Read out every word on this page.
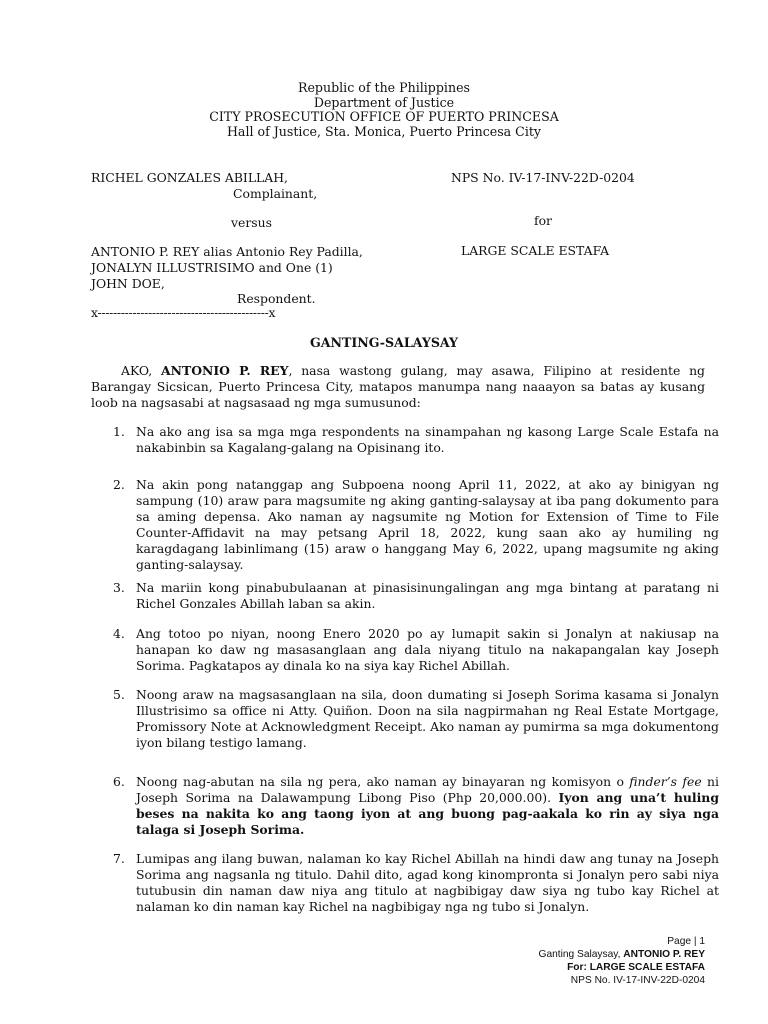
Republic of the Philippines
Department of Justice
CITY PROSECUTION OFFICE OF PUERTO PRINCESA
Hall of Justice, Sta. Monica, Puerto Princesa City
RICHEL GONZALES ABILLAH,
Complainant,
versus
ANTONIO P. REY alias Antonio Rey Padilla,
JONALYN ILLUSTRISIMO and One (1)
JOHN DOE,
Respondent.
x--------------------------------------------x
NPS No. IV-17-INV-22D-0204
for
LARGE SCALE ESTAFA
GANTING-SALAYSAY
AKO, ANTONIO P. REY, nasa wastong gulang, may asawa, Filipino at residente ng Barangay Sicsican, Puerto Princesa City, matapos manumpa nang naaayon sa batas ay kusang loob na nagsasabi at nagsasaad ng mga sumusunod:
1. Na ako ang isa sa mga mga respondents na sinampahan ng kasong Large Scale Estafa na nakabinbin sa Kagalang-galang na Opisinang ito.
2. Na akin pong natanggap ang Subpoena noong April 11, 2022, at ako ay binigyan ng sampung (10) araw para magsumite ng aking ganting-salaysay at iba pang dokumento para sa aming depensa. Ako naman ay nagsumite ng Motion for Extension of Time to File Counter-Affidavit na may petsang April 18, 2022, kung saan ako ay humiling ng karagdagang labinlimang (15) araw o hanggang May 6, 2022, upang magsumite ng aking ganting-salaysay.
3. Na mariin kong pinabubulaanan at pinasisinungalingan ang mga bintang at paratang ni Richel Gonzales Abillah laban sa akin.
4. Ang totoo po niyan, noong Enero 2020 po ay lumapit sakin si Jonalyn at nakiusap na hanapan ko daw ng masasanglaan ang dala niyang titulo na nakapangalan kay Joseph Sorima. Pagkatapos ay dinala ko na siya kay Richel Abillah.
5. Noong araw na magsasanglaan na sila, doon dumating si Joseph Sorima kasama si Jonalyn Illustrisimo sa office ni Atty. Quiñon. Doon na sila nagpirmahan ng Real Estate Mortgage, Promissory Note at Acknowledgment Receipt. Ako naman ay pumirma sa mga dokumentong iyon bilang testigo lamang.
6. Noong nag-abutan na sila ng pera, ako naman ay binayaran ng komisyon o finder’s fee ni Joseph Sorima na Dalawampung Libong Piso (Php 20,000.00). Iyon ang una’t huling beses na nakita ko ang taong iyon at ang buong pag-aakala ko rin ay siya nga talaga si Joseph Sorima.
7. Lumipas ang ilang buwan, nalaman ko kay Richel Abillah na hindi daw ang tunay na Joseph Sorima ang nagsanla ng titulo. Dahil dito, agad kong kinompronta si Jonalyn pero sabi niya tutubusin din naman daw niya ang titulo at nagbibigay daw siya ng tubo kay Richel at nalaman ko din naman kay Richel na nagbibigay nga ng tubo si Jonalyn.
Page | 1
Ganting Salaysay, ANTONIO P. REY
For: LARGE SCALE ESTAFA
NPS No. IV-17-INV-22D-0204
